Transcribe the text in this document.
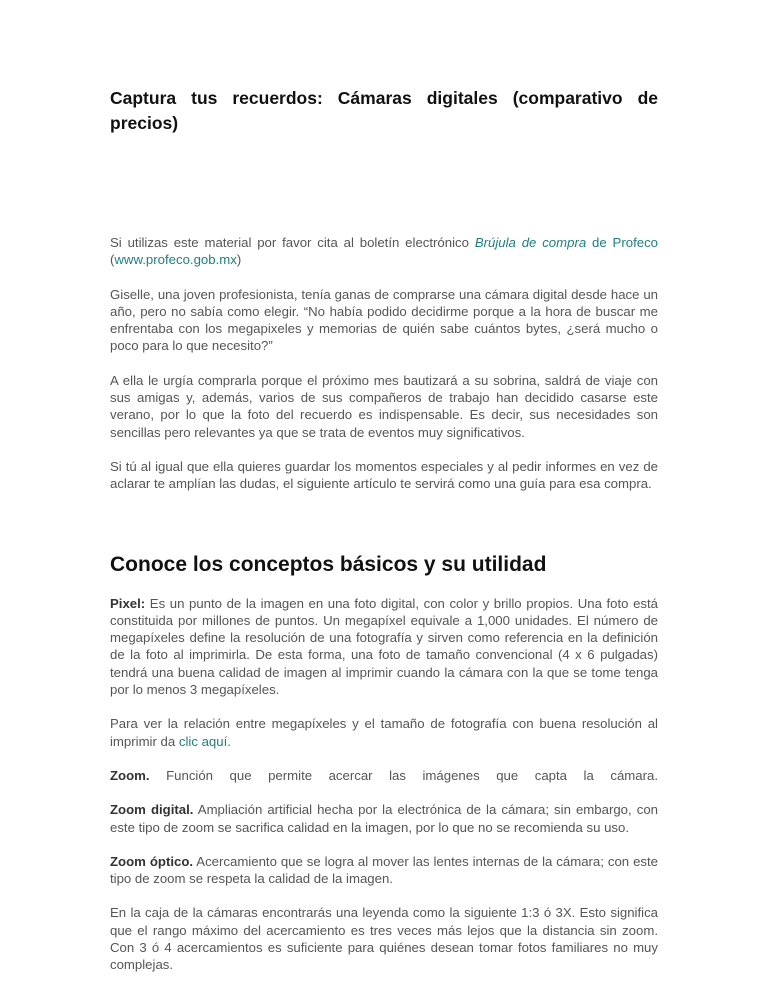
Captura tus recuerdos: Cámaras digitales (comparativo de precios)

Si utilizas este material por favor cita al boletín electrónico Brújula de compra de Profeco (www.profeco.gob.mx)

Giselle, una joven profesionista, tenía ganas de comprarse una cámara digital desde hace un año, pero no sabía como elegir. “No había podido decidirme porque a la hora de buscar me enfrentaba con los megapixeles y memorias de quién sabe cuántos bytes, ¿será mucho o poco para lo que necesito?”

A ella le urgía comprarla porque el próximo mes bautizará a su sobrina, saldrá de viaje con sus amigas y, además, varios de sus compañeros de trabajo han decidido casarse este verano, por lo que la foto del recuerdo es indispensable. Es decir, sus necesidades son sencillas pero relevantes ya que se trata de eventos muy significativos.

Si tú al igual que ella quieres guardar los momentos especiales y al pedir informes en vez de aclarar te amplían las dudas, el siguiente artículo te servirá como una guía para esa compra.

Conoce los conceptos básicos y su utilidad

Pixel: Es un punto de la imagen en una foto digital, con color y brillo propios. Una foto está constituida por millones de puntos. Un megapíxel equivale a 1,000 unidades. El número de megapíxeles define la resolución de una fotografía y sirven como referencia en la definición de la foto al imprimirla. De esta forma, una foto de tamaño convencional (4 x 6 pulgadas) tendrá una buena calidad de imagen al imprimir cuando la cámara con la que se tome tenga por lo menos 3 megapíxeles.

Para ver la relación entre megapíxeles y el tamaño de fotografía con buena resolución al imprimir da clic aquí.

Zoom. Función que permite acercar las imágenes que capta la cámara.

Zoom digital. Ampliación artificial hecha por la electrónica de la cámara; sin embargo, con este tipo de zoom se sacrifica calidad en la imagen, por lo que no se recomienda su uso.

Zoom óptico. Acercamiento que se logra al mover las lentes internas de la cámara; con este tipo de zoom se respeta la calidad de la imagen.

En la caja de la cámaras encontrarás una leyenda como la siguiente 1:3 ó 3X. Esto significa que el rango máximo del acercamiento es tres veces más lejos que la distancia sin zoom. Con 3 ó 4 acercamientos es suficiente para quiénes desean tomar fotos familiares no muy complejas.
